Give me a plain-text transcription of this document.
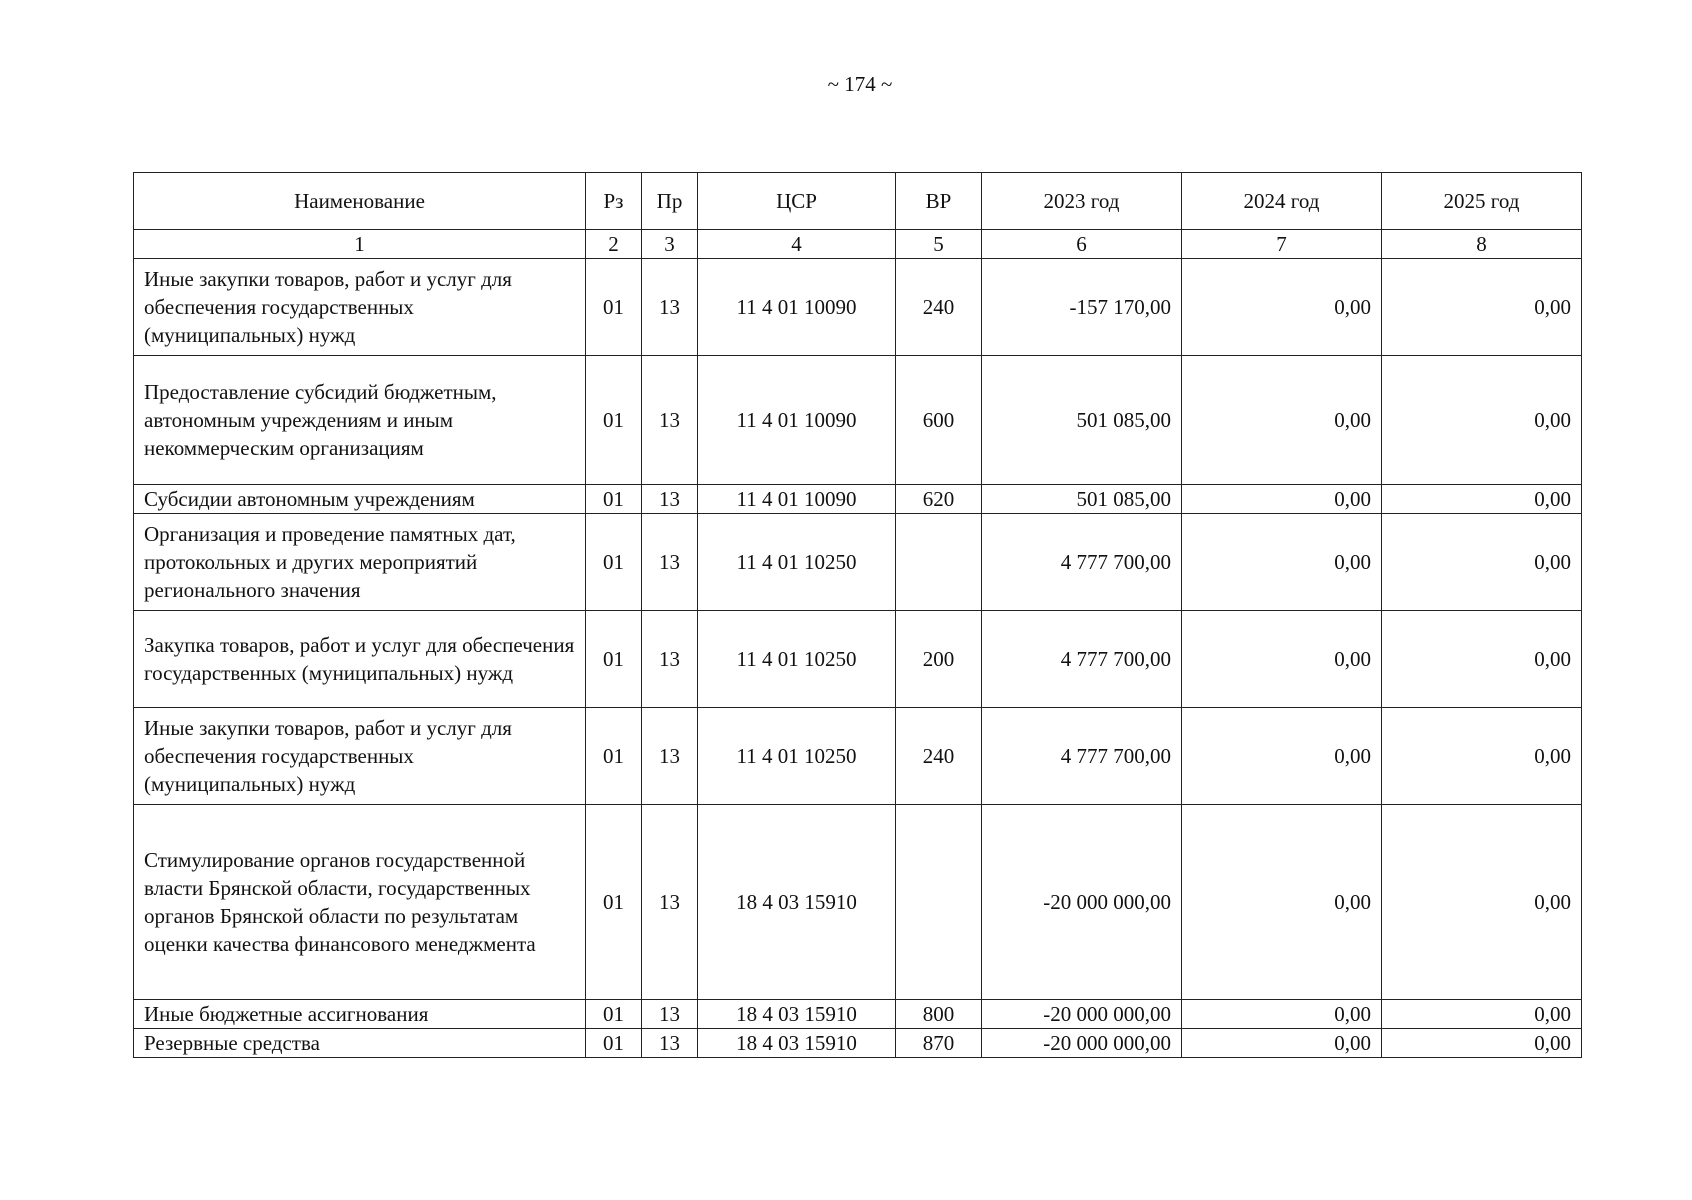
~ 174 ~
Наименование	Рз	Пр	ЦСР	ВР	2023 год	2024 год	2025 год
1	2	3	4	5	6	7	8
Иные закупки товаров, работ и услуг для обеспечения государственных (муниципальных) нужд	01	13	11 4 01 10090	240	-157 170,00	0,00	0,00
Предоставление субсидий бюджетным, автономным учреждениям и иным некоммерческим организациям	01	13	11 4 01 10090	600	501 085,00	0,00	0,00
Субсидии автономным учреждениям	01	13	11 4 01 10090	620	501 085,00	0,00	0,00
Организация и проведение памятных дат, протокольных и других мероприятий регионального значения	01	13	11 4 01 10250		4 777 700,00	0,00	0,00
Закупка товаров, работ и услуг для обеспечения государственных (муниципальных) нужд	01	13	11 4 01 10250	200	4 777 700,00	0,00	0,00
Иные закупки товаров, работ и услуг для обеспечения государственных (муниципальных) нужд	01	13	11 4 01 10250	240	4 777 700,00	0,00	0,00
Стимулирование органов государственной власти Брянской области, государственных органов Брянской области по результатам оценки качества финансового менеджмента	01	13	18 4 03 15910		-20 000 000,00	0,00	0,00
Иные бюджетные ассигнования	01	13	18 4 03 15910	800	-20 000 000,00	0,00	0,00
Резервные средства	01	13	18 4 03 15910	870	-20 000 000,00	0,00	0,00
